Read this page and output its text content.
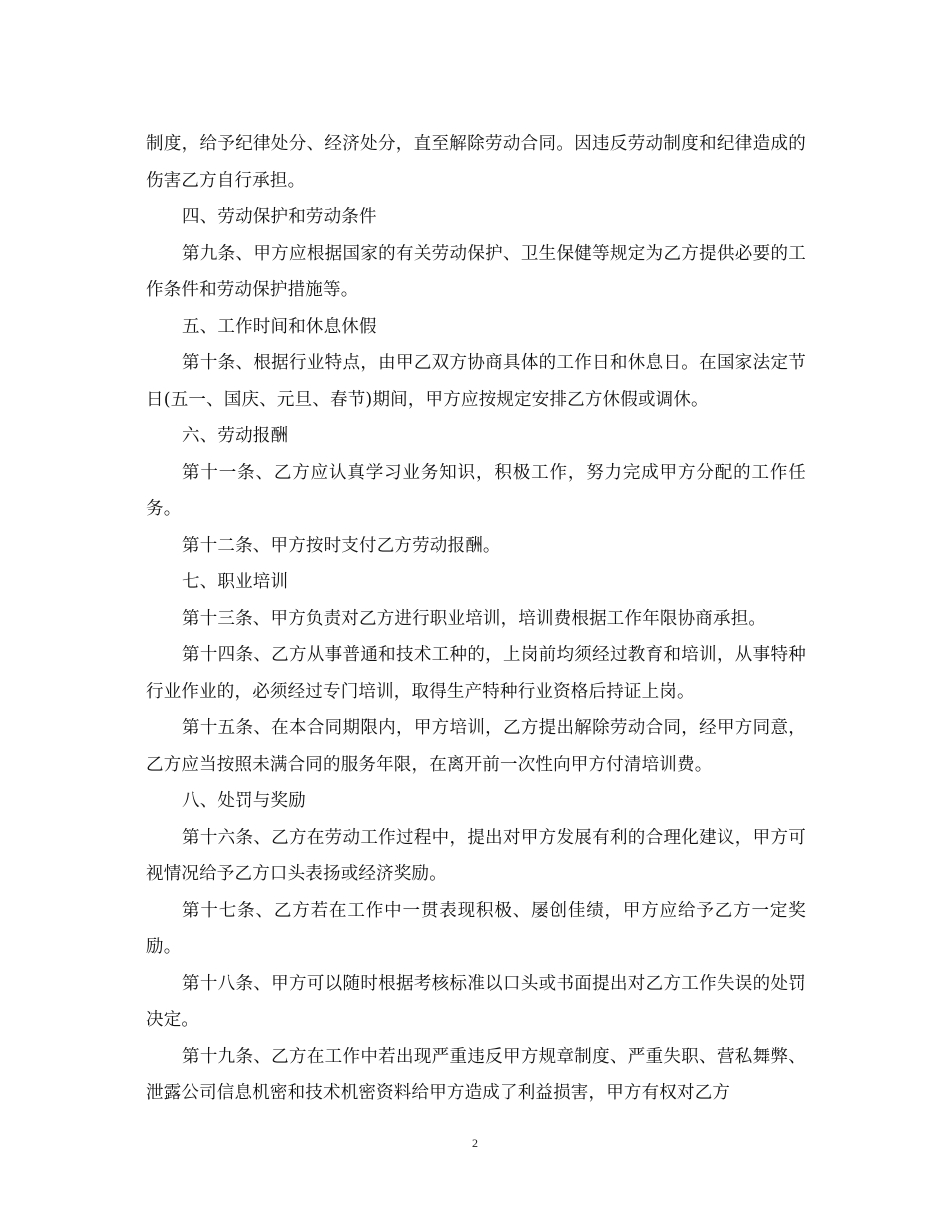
制度，给予纪律处分、经济处分，直至解除劳动合同。因违反劳动制度和纪律造成的伤害乙方自行承担。

四、劳动保护和劳动条件

第九条、甲方应根据国家的有关劳动保护、卫生保健等规定为乙方提供必要的工作条件和劳动保护措施等。

五、工作时间和休息休假

第十条、根据行业特点，由甲乙双方协商具体的工作日和休息日。在国家法定节日(五一、国庆、元旦、春节)期间，甲方应按规定安排乙方休假或调休。

六、劳动报酬

第十一条、乙方应认真学习业务知识，积极工作，努力完成甲方分配的工作任务。

第十二条、甲方按时支付乙方劳动报酬。

七、职业培训

第十三条、甲方负责对乙方进行职业培训，培训费根据工作年限协商承担。

第十四条、乙方从事普通和技术工种的，上岗前均须经过教育和培训，从事特种行业作业的，必须经过专门培训，取得生产特种行业资格后持证上岗。

第十五条、在本合同期限内，甲方培训，乙方提出解除劳动合同，经甲方同意，乙方应当按照未满合同的服务年限，在离开前一次性向甲方付清培训费。

八、处罚与奖励

第十六条、乙方在劳动工作过程中，提出对甲方发展有利的合理化建议，甲方可视情况给予乙方口头表扬或经济奖励。

第十七条、乙方若在工作中一贯表现积极、屡创佳绩，甲方应给予乙方一定奖励。

第十八条、甲方可以随时根据考核标准以口头或书面提出对乙方工作失误的处罚决定。

第十九条、乙方在工作中若出现严重违反甲方规章制度、严重失职、营私舞弊、泄露公司信息机密和技术机密资料给甲方造成了利益损害，甲方有权对乙方

2
